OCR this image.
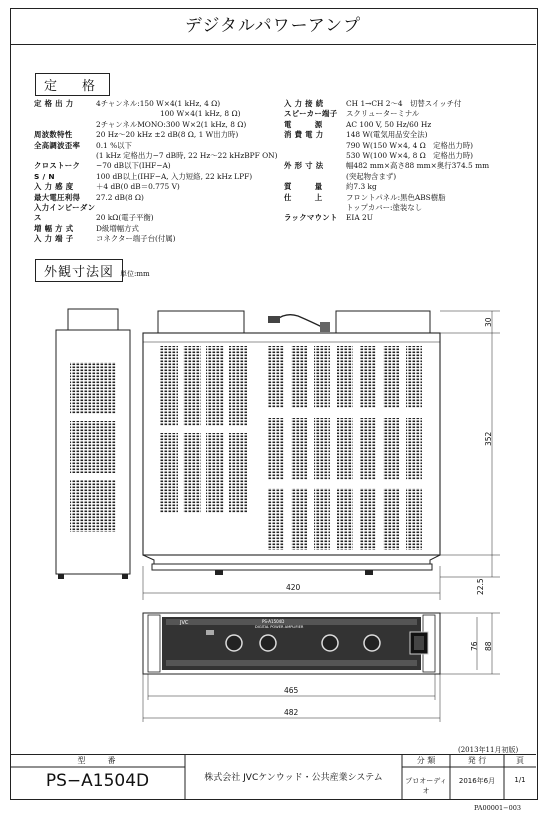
デジタルパワーアンプ
定　格
定 格 出 力	4チャンネル:150 W×4(1 kHz, 4 Ω)
100 W×4(1 kHz, 8 Ω)
2チャンネルMONO:300 W×2(1 kHz, 8 Ω)
周波数特性	20 Hz～20 kHz ±2 dB(8 Ω, 1 W出力時)
全高調波歪率 0.1 %以下
(1 kHz 定格出力−7 dB時, 22 Hz～22 kHzBPF ON)
クロストーク −70 dB以下(IHF−A)
S / N	100 dB以上(IHF−A, 入力短絡, 22 kHz LPF)
入 力 感 度	＋4 dB(0 dB＝0.775 V)
最大電圧利得 27.2 dB(8 Ω)
入力インピーダンス	20 kΩ(電子平衡)
増 幅 方 式	D級増幅方式
入 力 端 子	コネクター端子台(付属)
入 力 接 続	CH 1→CH 2～4　切替スイッチ付
スピーカー端子 スクリューターミナル
電　　　源	AC 100 V, 50 Hz/60 Hz
消 費 電 力	148 W(電気用品安全法)
790 W(150 W×4, 4 Ω　定格出力時)
530 W(100 W×4, 8 Ω　定格出力時)
外 形 寸 法	幅482 mm×高さ88 mm×奥行374.5 mm
(突起物含まず)
質　　　量	約7.3 kg
仕　　　上	フロントパネル:黒色ABS樹脂
トップカバー:塗装なし
ラックマウント EIA 2U
外観寸法図 単位:mm
JVC	PS-A1504D
DIGITAL POWER AMPLIFIER
30
352
420	22.5
76 88
465
482
(2013年11月初版)
型　　番
PS−A1504D	株式会社 JVCケンウッド・公共産業システム
分 類
プロオーディオ
発 行
2016年6月
頁
1/1
PA00001−003
